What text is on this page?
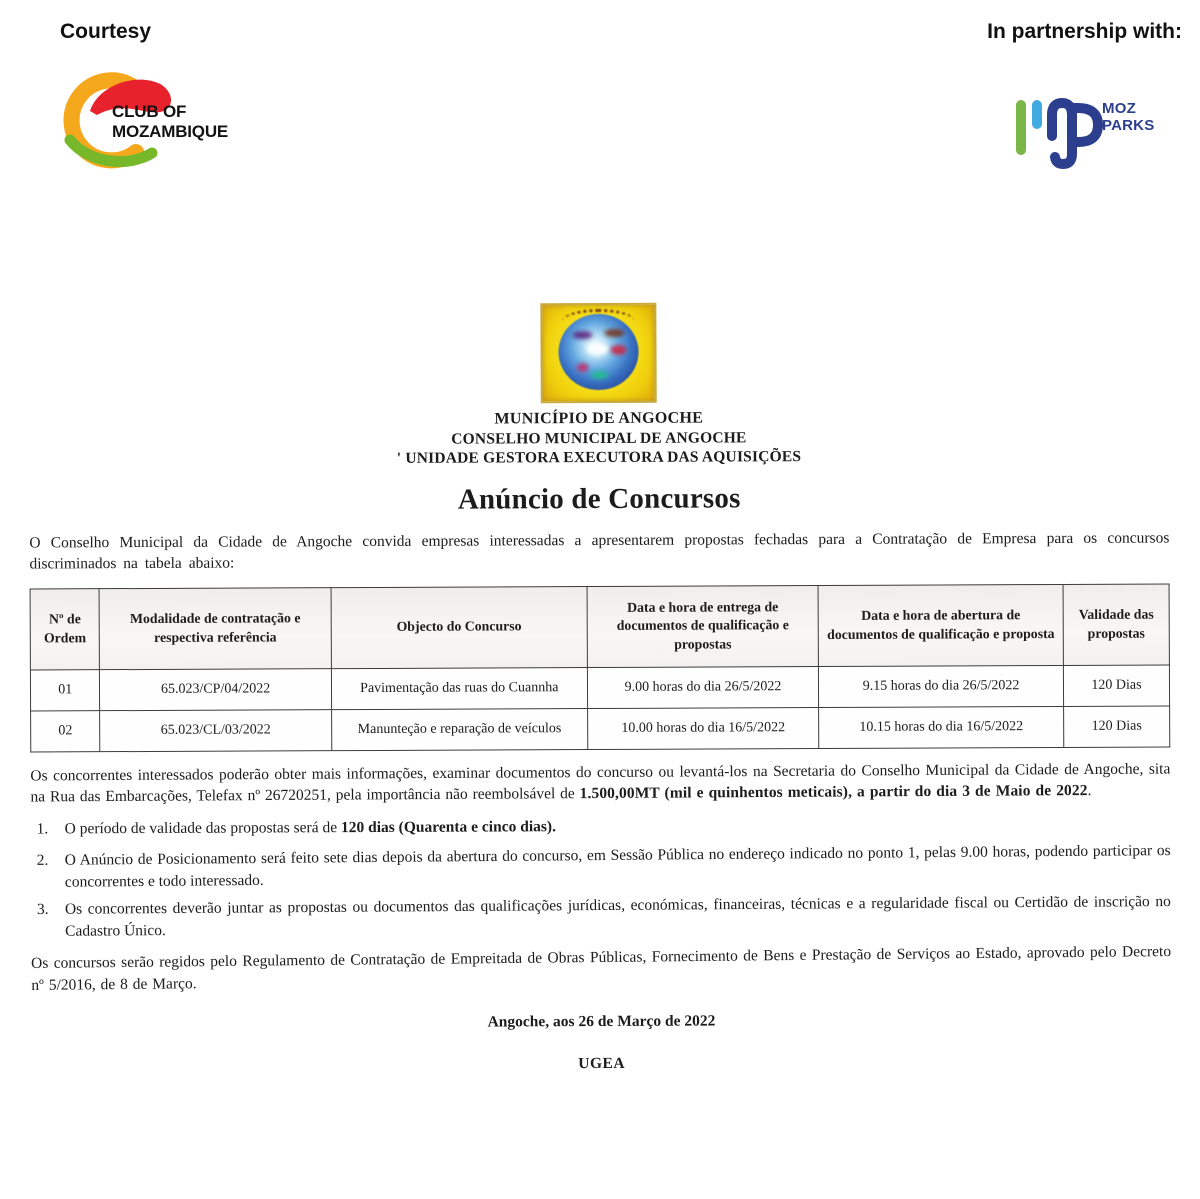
Courtesy	In partnership with:
CLUB OF
MOZAMBIQUE
MOZ
PARKS
MUNICÍPIO DE ANGOCHE
CONSELHO MUNICIPAL DE ANGOCHE
' UNIDADE GESTORA EXECUTORA DAS AQUISIÇÕES
Anúncio de Concursos

O Conselho Municipal da Cidade de Angoche convida empresas interessadas a apresentarem propostas fechadas para a Contratação de Empresa para os concursos discriminados na tabela abaixo:

Nº de Ordem	Modalidade de contratação e respectiva referência	Objecto do Concurso	Data e hora de entrega de documentos de qualificação e propostas	Data e hora de abertura de documentos de qualificação e proposta	Validade das propostas
01	65.023/CP/04/2022	Pavimentação das ruas do Cuannha	9.00 horas do dia 26/5/2022	9.15 horas do dia 26/5/2022	120 Dias
02	65.023/CL/03/2022	Manunteção e reparação de veículos	10.00 horas do dia 16/5/2022	10.15 horas do dia 16/5/2022	120 Dias

Os concorrentes interessados poderão obter mais informações, examinar documentos do concurso ou levantá-los na Secretaria do Conselho Municipal da Cidade de Angoche, sita na Rua das Embarcações, Telefax nº 26720251, pela importância não reembolsável de 1.500,00MT (mil e quinhentos meticais), a partir do dia 3 de Maio de 2022.

1. O período de validade das propostas será de 120 dias (Quarenta e cinco dias).
2. O Anúncio de Posicionamento será feito sete dias depois da abertura do concurso, em Sessão Pública no endereço indicado no ponto 1, pelas 9.00 horas, podendo participar os concorrentes e todo interessado.
3. Os concorrentes deverão juntar as propostas ou documentos das qualificações jurídicas, económicas, financeiras, técnicas e a regularidade fiscal ou Certidão de inscrição no Cadastro Único.

Os concursos serão regidos pelo Regulamento de Contratação de Empreitada de Obras Públicas, Fornecimento de Bens e Prestação de Serviços ao Estado, aprovado pelo Decreto nº 5/2016, de 8 de Março.

Angoche, aos 26 de Março de 2022

UGEA
